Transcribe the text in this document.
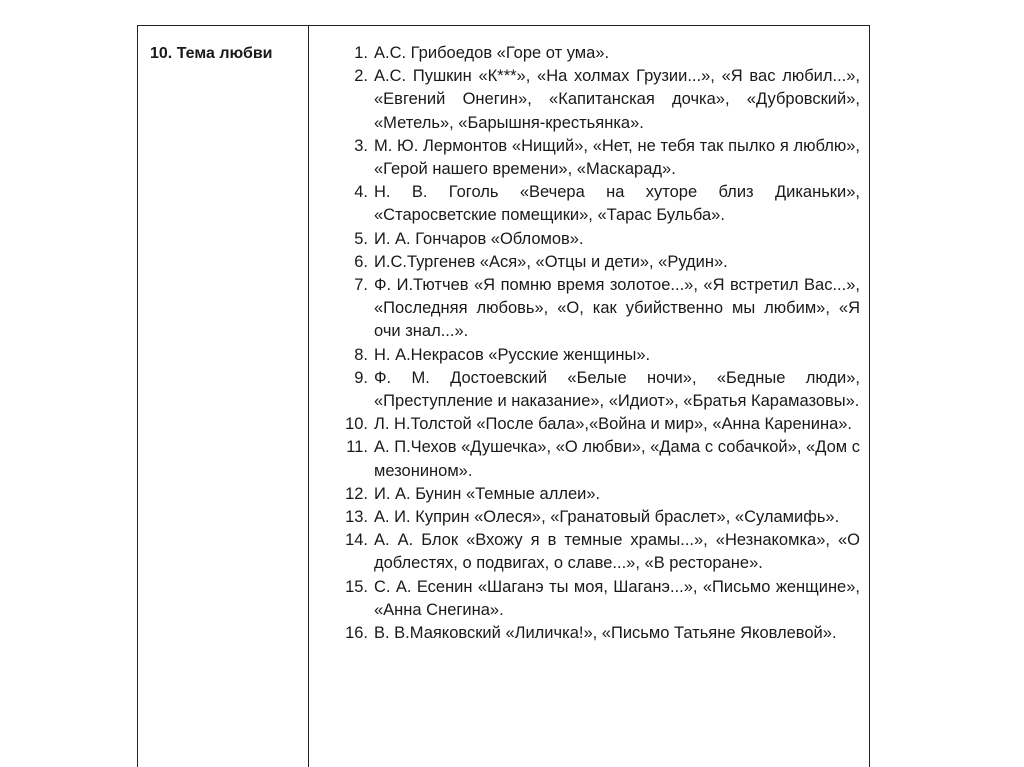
10. Тема любви	1. А.С. Грибоедов «Горе от ума».
2. А.С. Пушкин «К***», «На холмах Грузии...», «Я вас любил...», «Евгений Онегин», «Капитанская дочка», «Дубровский», «Метель», «Барышня-крестьянка».
3. М. Ю. Лермонтов «Нищий», «Нет, не тебя так пылко я люблю», «Герой нашего времени», «Маскарад».
4. Н. В. Гоголь «Вечера на хуторе близ Диканьки», «Старосветские помещики», «Тарас Бульба».
5. И. А. Гончаров «Обломов».
6. И.С.Тургенев «Ася», «Отцы и дети», «Рудин».
7. Ф. И.Тютчев «Я помню время золотое...», «Я встретил Вас...», «Последняя любовь», «О, как убийственно мы любим», «Я очи знал...».
8. Н. А.Некрасов «Русские женщины».
9. Ф. М. Достоевский «Белые ночи», «Бедные люди», «Преступление и наказание», «Идиот», «Братья Карамазовы».
10. Л. Н.Толстой «После бала»,«Война и мир», «Анна Каренина».
11. А. П.Чехов «Душечка», «О любви», «Дама с собачкой», «Дом с мезонином».
12. И. А. Бунин «Темные аллеи».
13. А. И. Куприн «Олеся», «Гранатовый браслет», «Суламифь».
14. А. А. Блок «Вхожу я в темные храмы...», «Незнакомка», «О доблестях, о подвигах, о славе...», «В ресторане».
15. С. А. Есенин «Шаганэ ты моя, Шаганэ...», «Письмо женщине», «Анна Снегина».
16. В. В.Маяковский «Лиличка!», «Письмо Татьяне Яковлевой».
